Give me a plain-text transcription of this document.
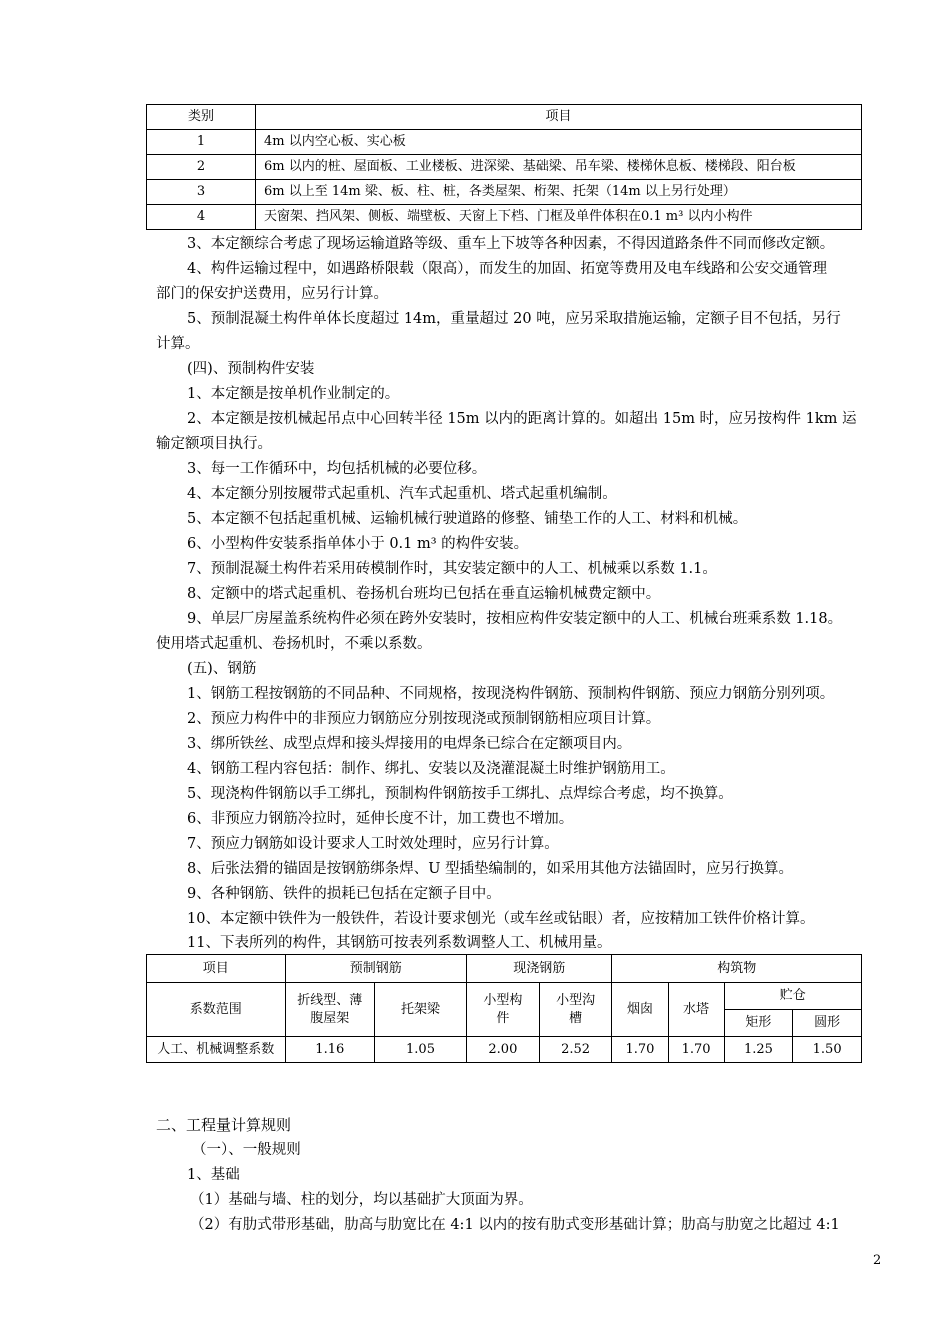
类别	项目
1	4m 以内空心板、实心板
2	6m 以内的桩、屋面板、工业楼板、进深梁、基础梁、吊车梁、楼梯休息板、楼梯段、阳台板
3	6m 以上至 14m 梁、板、柱、桩，各类屋架、桁架、托架（14m 以上另行处理）
4	天窗架、挡风架、侧板、端壁板、天窗上下档、门框及单件体积在0.1 m³ 以内小构件
3、本定额综合考虑了现场运输道路等级、重车上下坡等各种因素，不得因道路条件不同而修改定额。
4、构件运输过程中，如遇路桥限载（限高），而发生的加固、拓宽等费用及电车线路和公安交通管理
部门的保安护送费用，应另行计算。
5、预制混凝土构件单体长度超过 14m，重量超过 20 吨，应另采取措施运输，定额子目不包括，另行
计算。
(四)、预制构件安装
1、本定额是按单机作业制定的。
2、本定额是按机械起吊点中心回转半径 15m 以内的距离计算的。如超出 15m 时，应另按构件 1km 运
输定额项目执行。
3、每一工作循环中，均包括机械的必要位移。
4、本定额分别按履带式起重机、汽车式起重机、塔式起重机编制。
5、本定额不包括起重机械、运输机械行驶道路的修整、铺垫工作的人工、材料和机械。
6、小型构件安装系指单体小于 0.1 m³ 的构件安装。
7、预制混凝土构件若采用砖模制作时，其安装定额中的人工、机械乘以系数 1.1。
8、定额中的塔式起重机、卷扬机台班均已包括在垂直运输机械费定额中。
9、单层厂房屋盖系统构件必须在跨外安装时，按相应构件安装定额中的人工、机械台班乘系数 1.18。
使用塔式起重机、卷扬机时，不乘以系数。
(五)、钢筋
1、钢筋工程按钢筋的不同品种、不同规格，按现浇构件钢筋、预制构件钢筋、预应力钢筋分别列项。
2、预应力构件中的非预应力钢筋应分别按现浇或预制钢筋相应项目计算。
3、绑所铁丝、成型点焊和接头焊接用的电焊条已综合在定额项目内。
4、钢筋工程内容包括：制作、绑扎、安装以及浇灌混凝土时维护钢筋用工。
5、现浇构件钢筋以手工绑扎，预制构件钢筋按手工绑扎、点焊综合考虑，均不换算。
6、非预应力钢筋冷拉时，延伸长度不计，加工费也不增加。
7、预应力钢筋如设计要求人工时效处理时，应另行计算。
8、后张法猾的锚固是按钢筋绑条焊、U 型插垫编制的，如采用其他方法锚固时，应另行换算。
9、各种钢筋、铁件的损耗已包括在定额子目中。
10、本定额中铁件为一般铁件，若设计要求刨光（或车丝或钻眼）者，应按精加工铁件价格计算。
11、下表所列的构件，其钢筋可按表列系数调整人工、机械用量。
项目	预制钢筋		现浇钢筋		构筑物			
系数范围	折线型、薄腹屋架	托架梁	小型构件	小型沟槽	烟囱	水塔	贮仓	
							矩形	圆形
人工、机械调整系数	1.16	1.05	2.00	2.52	1.70	1.70	1.25	1.50
二、工程量计算规则
（一）、一般规则
1、基础
（1）基础与墙、柱的划分，均以基础扩大顶面为界。
（2）有肋式带形基础，肋高与肋宽比在 4:1 以内的按有肋式变形基础计算；肋高与肋宽之比超过 4:1
2
